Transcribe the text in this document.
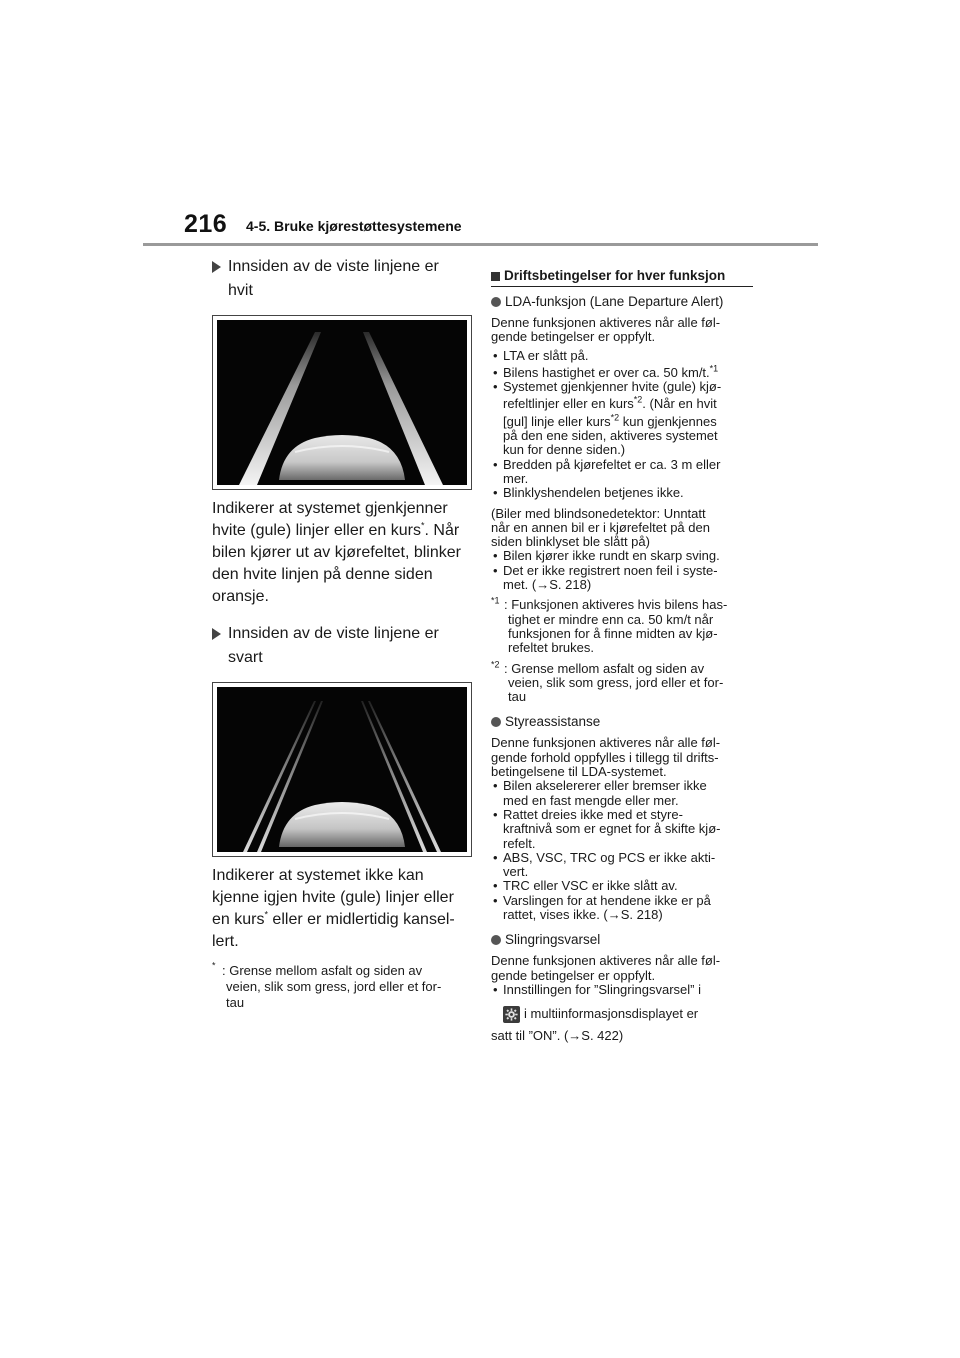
216 4-5. Bruke kjørestøttesystemene
Innsiden av de viste linjene er
hvit
Indikerer at systemet gjenkjenner
hvite (gule) linjer eller en kurs*. Når
bilen kjører ut av kjørefeltet, blinker
den hvite linjen på denne siden
oransje.
Innsiden av de viste linjene er
svart
Indikerer at systemet ikke kan
kjenne igjen hvite (gule) linjer eller
en kurs* eller er midlertidig kansel-
lert.
* : Grense mellom asfalt og siden av
veien, slik som gress, jord eller et for-
tau
Driftsbetingelser for hver funksjon
LDA-funksjon (Lane Departure Alert)
Denne funksjonen aktiveres når alle føl-
gende betingelser er oppfylt.
• LTA er slått på.
• Bilens hastighet er over ca. 50 km/t.$^{*1}$
• Systemet gjenkjenner hvite (gule) kjø-
refeltlinjer eller en kurs$^{*2}$. (Når en hvit
[gul] linje eller kurs$^{*2}$ kun gjenkjennes
på den ene siden, aktiveres systemet
kun for denne siden.)
• Bredden på kjørefeltet er ca. 3 m eller
mer.
• Blinklyshendelen betjenes ikke.
(Biler med blindsonedetektor: Unntatt
når en annen bil er i kjørefeltet på den
siden blinklyset ble slått på)
• Bilen kjører ikke rundt en skarp sving.
• Det er ikke registrert noen feil i syste-
met. (→S. 218)
$^{*1}$ : Funksjonen aktiveres hvis bilens has-
tighet er mindre enn ca. 50 km/t når
funksjonen for å finne midten av kjø-
refeltet brukes.
$^{*2}$ : Grense mellom asfalt og siden av
veien, slik som gress, jord eller et for-
tau
Styreassistanse
Denne funksjonen aktiveres når alle føl-
gende forhold oppfylles i tillegg til drifts-
betingelsene til LDA-systemet.
• Bilen akselererer eller bremser ikke
med en fast mengde eller mer.
• Rattet dreies ikke med et styre-
kraftnivå som er egnet for å skifte kjø-
refelt.
• ABS, VSC, TRC og PCS er ikke akti-
vert.
• TRC eller VSC er ikke slått av.
• Varslingen for at hendene ikke er på
rattet, vises ikke. (→S. 218)
Slingringsvarsel
Denne funksjonen aktiveres når alle føl-
gende betingelser er oppfylt.
• Innstillingen for ”Slingringsvarsel” i
i multiinformasjonsdisplayet er
satt til ”ON”. (→S. 422)
